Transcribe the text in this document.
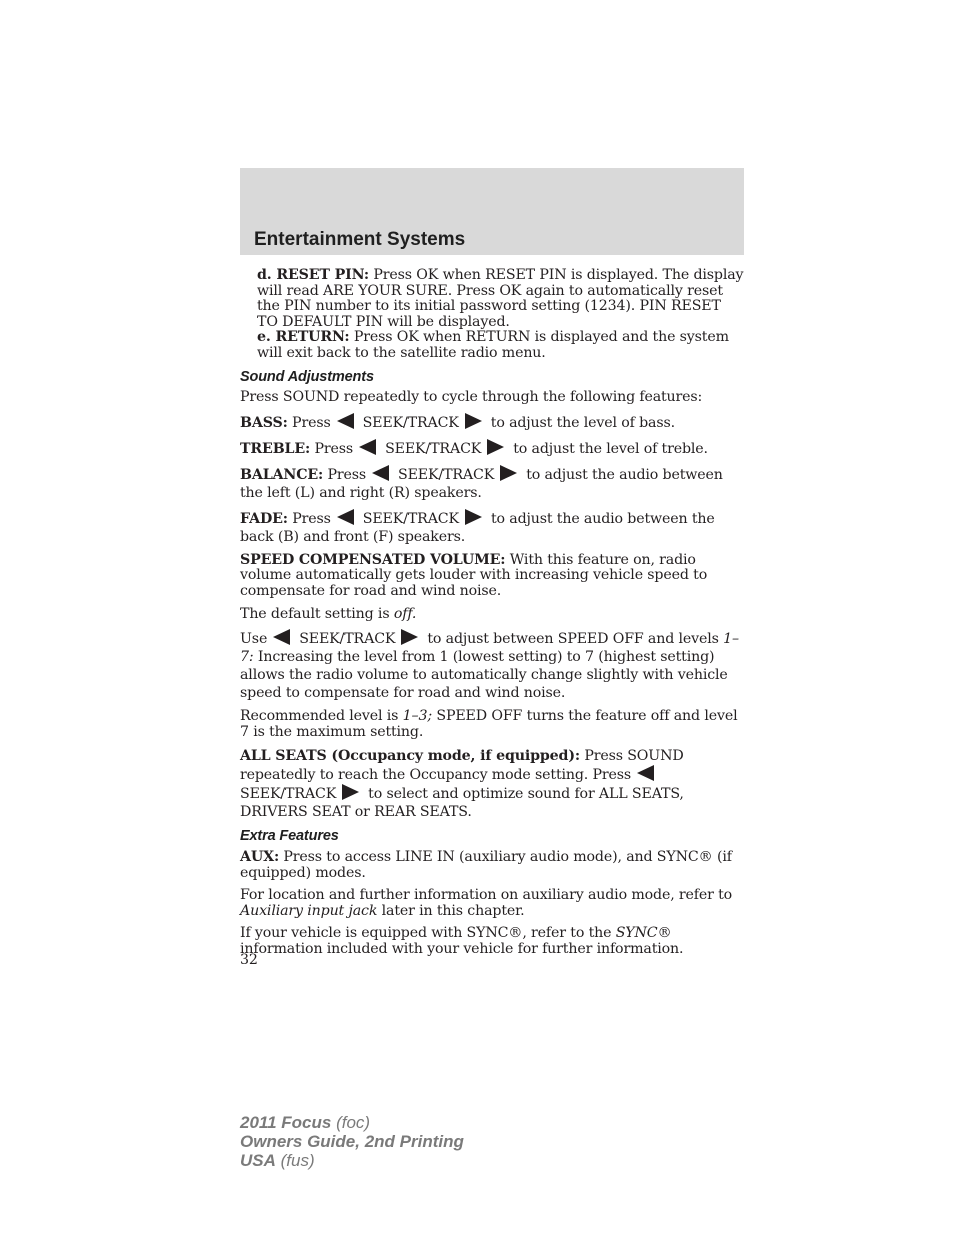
Entertainment Systems

d. RESET PIN: Press OK when RESET PIN is displayed. The display will read ARE YOUR SURE. Press OK again to automatically reset the PIN number to its initial password setting (1234). PIN RESET TO DEFAULT PIN will be displayed.

e. RETURN: Press OK when RETURN is displayed and the system will exit back to the satellite radio menu.

Sound Adjustments

Press SOUND repeatedly to cycle through the following features:

BASS: Press SEEK/TRACK to adjust the level of bass.

TREBLE: Press SEEK/TRACK to adjust the level of treble.

BALANCE: Press SEEK/TRACK to adjust the audio between the left (L) and right (R) speakers.

FADE: Press SEEK/TRACK to adjust the audio between the back (B) and front (F) speakers.

SPEED COMPENSATED VOLUME: With this feature on, radio volume automatically gets louder with increasing vehicle speed to compensate for road and wind noise.

The default setting is off.

Use SEEK/TRACK to adjust between SPEED OFF and levels 1–7: Increasing the level from 1 (lowest setting) to 7 (highest setting) allows the radio volume to automatically change slightly with vehicle speed to compensate for road and wind noise.

Recommended level is 1–3; SPEED OFF turns the feature off and level 7 is the maximum setting.

ALL SEATS (Occupancy mode, if equipped): Press SOUND repeatedly to reach the Occupancy mode setting. PressSEEK/TRACK to select and optimize sound for ALL SEATS, DRIVERS SEAT or REAR SEATS.

Extra Features

AUX: Press to access LINE IN (auxiliary audio mode), and SYNC® (if equipped) modes.

For location and further information on auxiliary audio mode, refer to Auxiliary input jack later in this chapter.

If your vehicle is equipped with SYNC®, refer to the SYNC® information included with your vehicle for further information.

32

2011 Focus (foc)
Owners Guide, 2nd Printing
USA (fus)
